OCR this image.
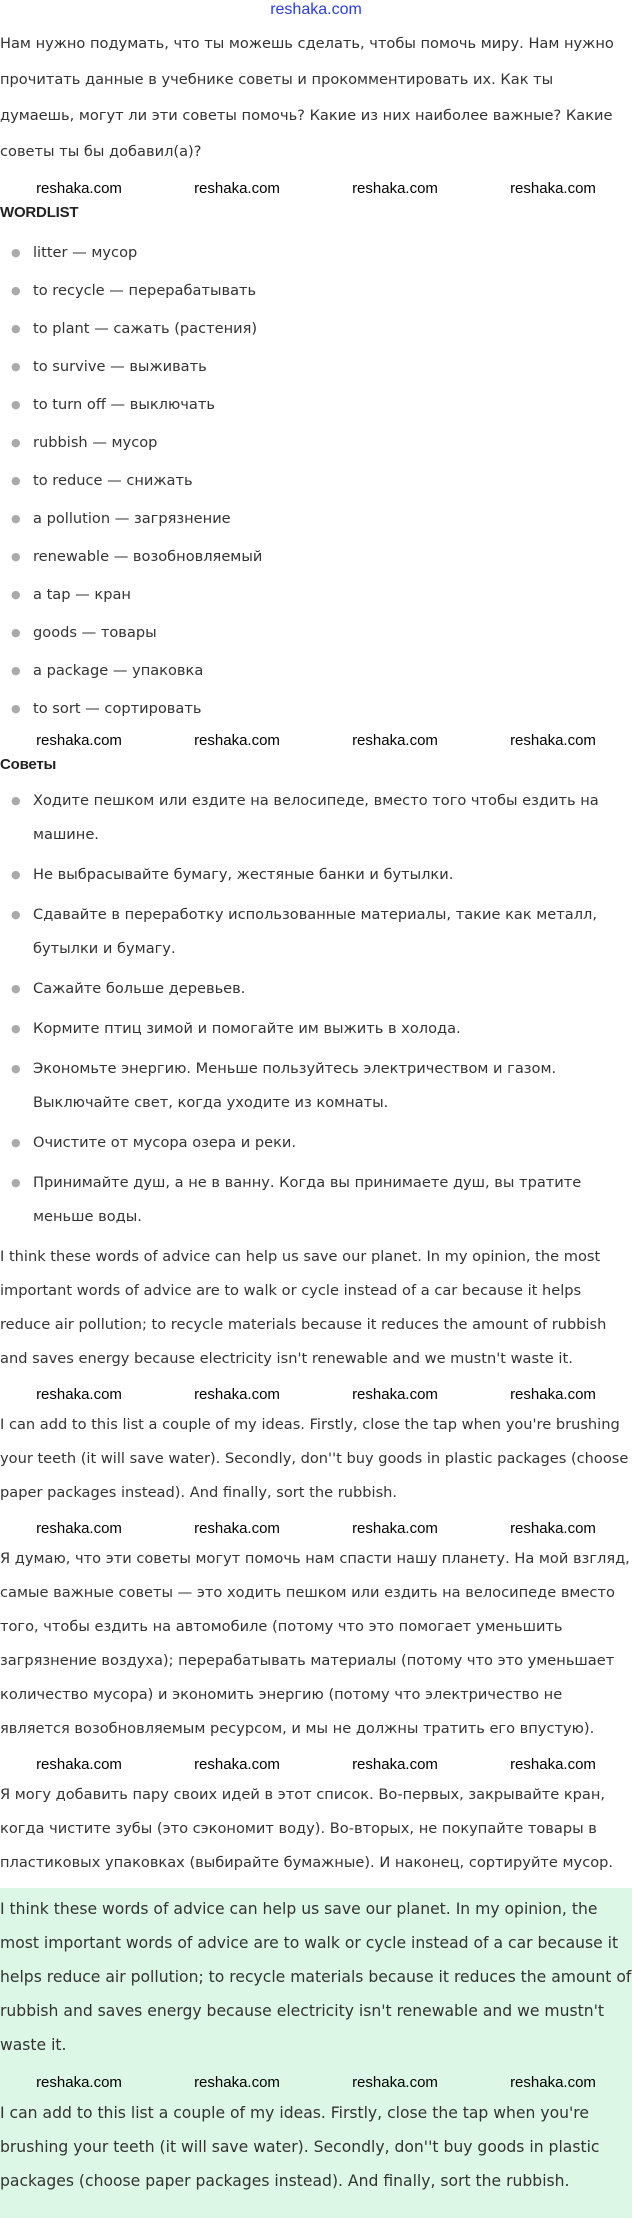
reshaka.com

Нам нужно подумать, что ты можешь сделать, чтобы помочь миру. Нам нужно прочитать данные в учебнике советы и прокомментировать их. Как ты думаешь, могут ли эти советы помочь? Какие из них наиболее важные? Какие советы ты бы добавил(а)?

reshaka.com	reshaka.com	reshaka.com	reshaka.com
WORDLIST
● litter — мусор
● to recycle — перерабатывать
● to plant — сажать (растения)
● to survive — выживать
● to turn off — выключать
● rubbish — мусор
● to reduce — снижать
● a pollution — загрязнение
● renewable — возобновляемый
● a tap — кран
● goods — товары
● a package — упаковка
● to sort — сортировать
reshaka.com	reshaka.com	reshaka.com	reshaka.com
Советы
● Ходите пешком или ездите на велосипеде, вместо того чтобы ездить на машине.
● Не выбрасывайте бумагу, жестяные банки и бутылки.
● Сдавайте в переработку использованные материалы, такие как металл, бутылки и бумагу.
● Сажайте больше деревьев.
● Кормите птиц зимой и помогайте им выжить в холода.
● Экономьте энергию. Меньше пользуйтесь электричеством и газом. Выключайте свет, когда уходите из комнаты.
● Очистите от мусора озера и реки.
● Принимайте душ, а не в ванну. Когда вы принимаете душ, вы тратите меньше воды.

I think these words of advice can help us save our planet. In my opinion, the most important words of advice are to walk or cycle instead of a car because it helps reduce air pollution; to recycle materials because it reduces the amount of rubbish and saves energy because electricity isn't renewable and we mustn't waste it.

reshaka.com	reshaka.com	reshaka.com	reshaka.com

I can add to this list a couple of my ideas. Firstly, close the tap when you're brushing your teeth (it will save water). Secondly, don''t buy goods in plastic packages (choose paper packages instead). And finally, sort the rubbish.

reshaka.com	reshaka.com	reshaka.com	reshaka.com

Я думаю, что эти советы могут помочь нам спасти нашу планету. На мой взгляд, самые важные советы — это ходить пешком или ездить на велосипеде вместо того, чтобы ездить на автомобиле (потому что это помогает уменьшить загрязнение воздуха); перерабатывать материалы (потому что это уменьшает количество мусора) и экономить энергию (потому что электричество не является возобновляемым ресурсом, и мы не должны тратить его впустую).

reshaka.com	reshaka.com	reshaka.com	reshaka.com

Я могу добавить пару своих идей в этот список. Во-первых, закрывайте кран, когда чистите зубы (это сэкономит воду). Во-вторых, не покупайте товары в пластиковых упаковках (выбирайте бумажные). И наконец, сортируйте мусор.

I think these words of advice can help us save our planet. In my opinion, the most important words of advice are to walk or cycle instead of a car because it helps reduce air pollution; to recycle materials because it reduces the amount of rubbish and saves energy because electricity isn't renewable and we mustn't waste it.

reshaka.com	reshaka.com	reshaka.com	reshaka.com

I can add to this list a couple of my ideas. Firstly, close the tap when you're brushing your teeth (it will save water). Secondly, don''t buy goods in plastic packages (choose paper packages instead). And finally, sort the rubbish.
